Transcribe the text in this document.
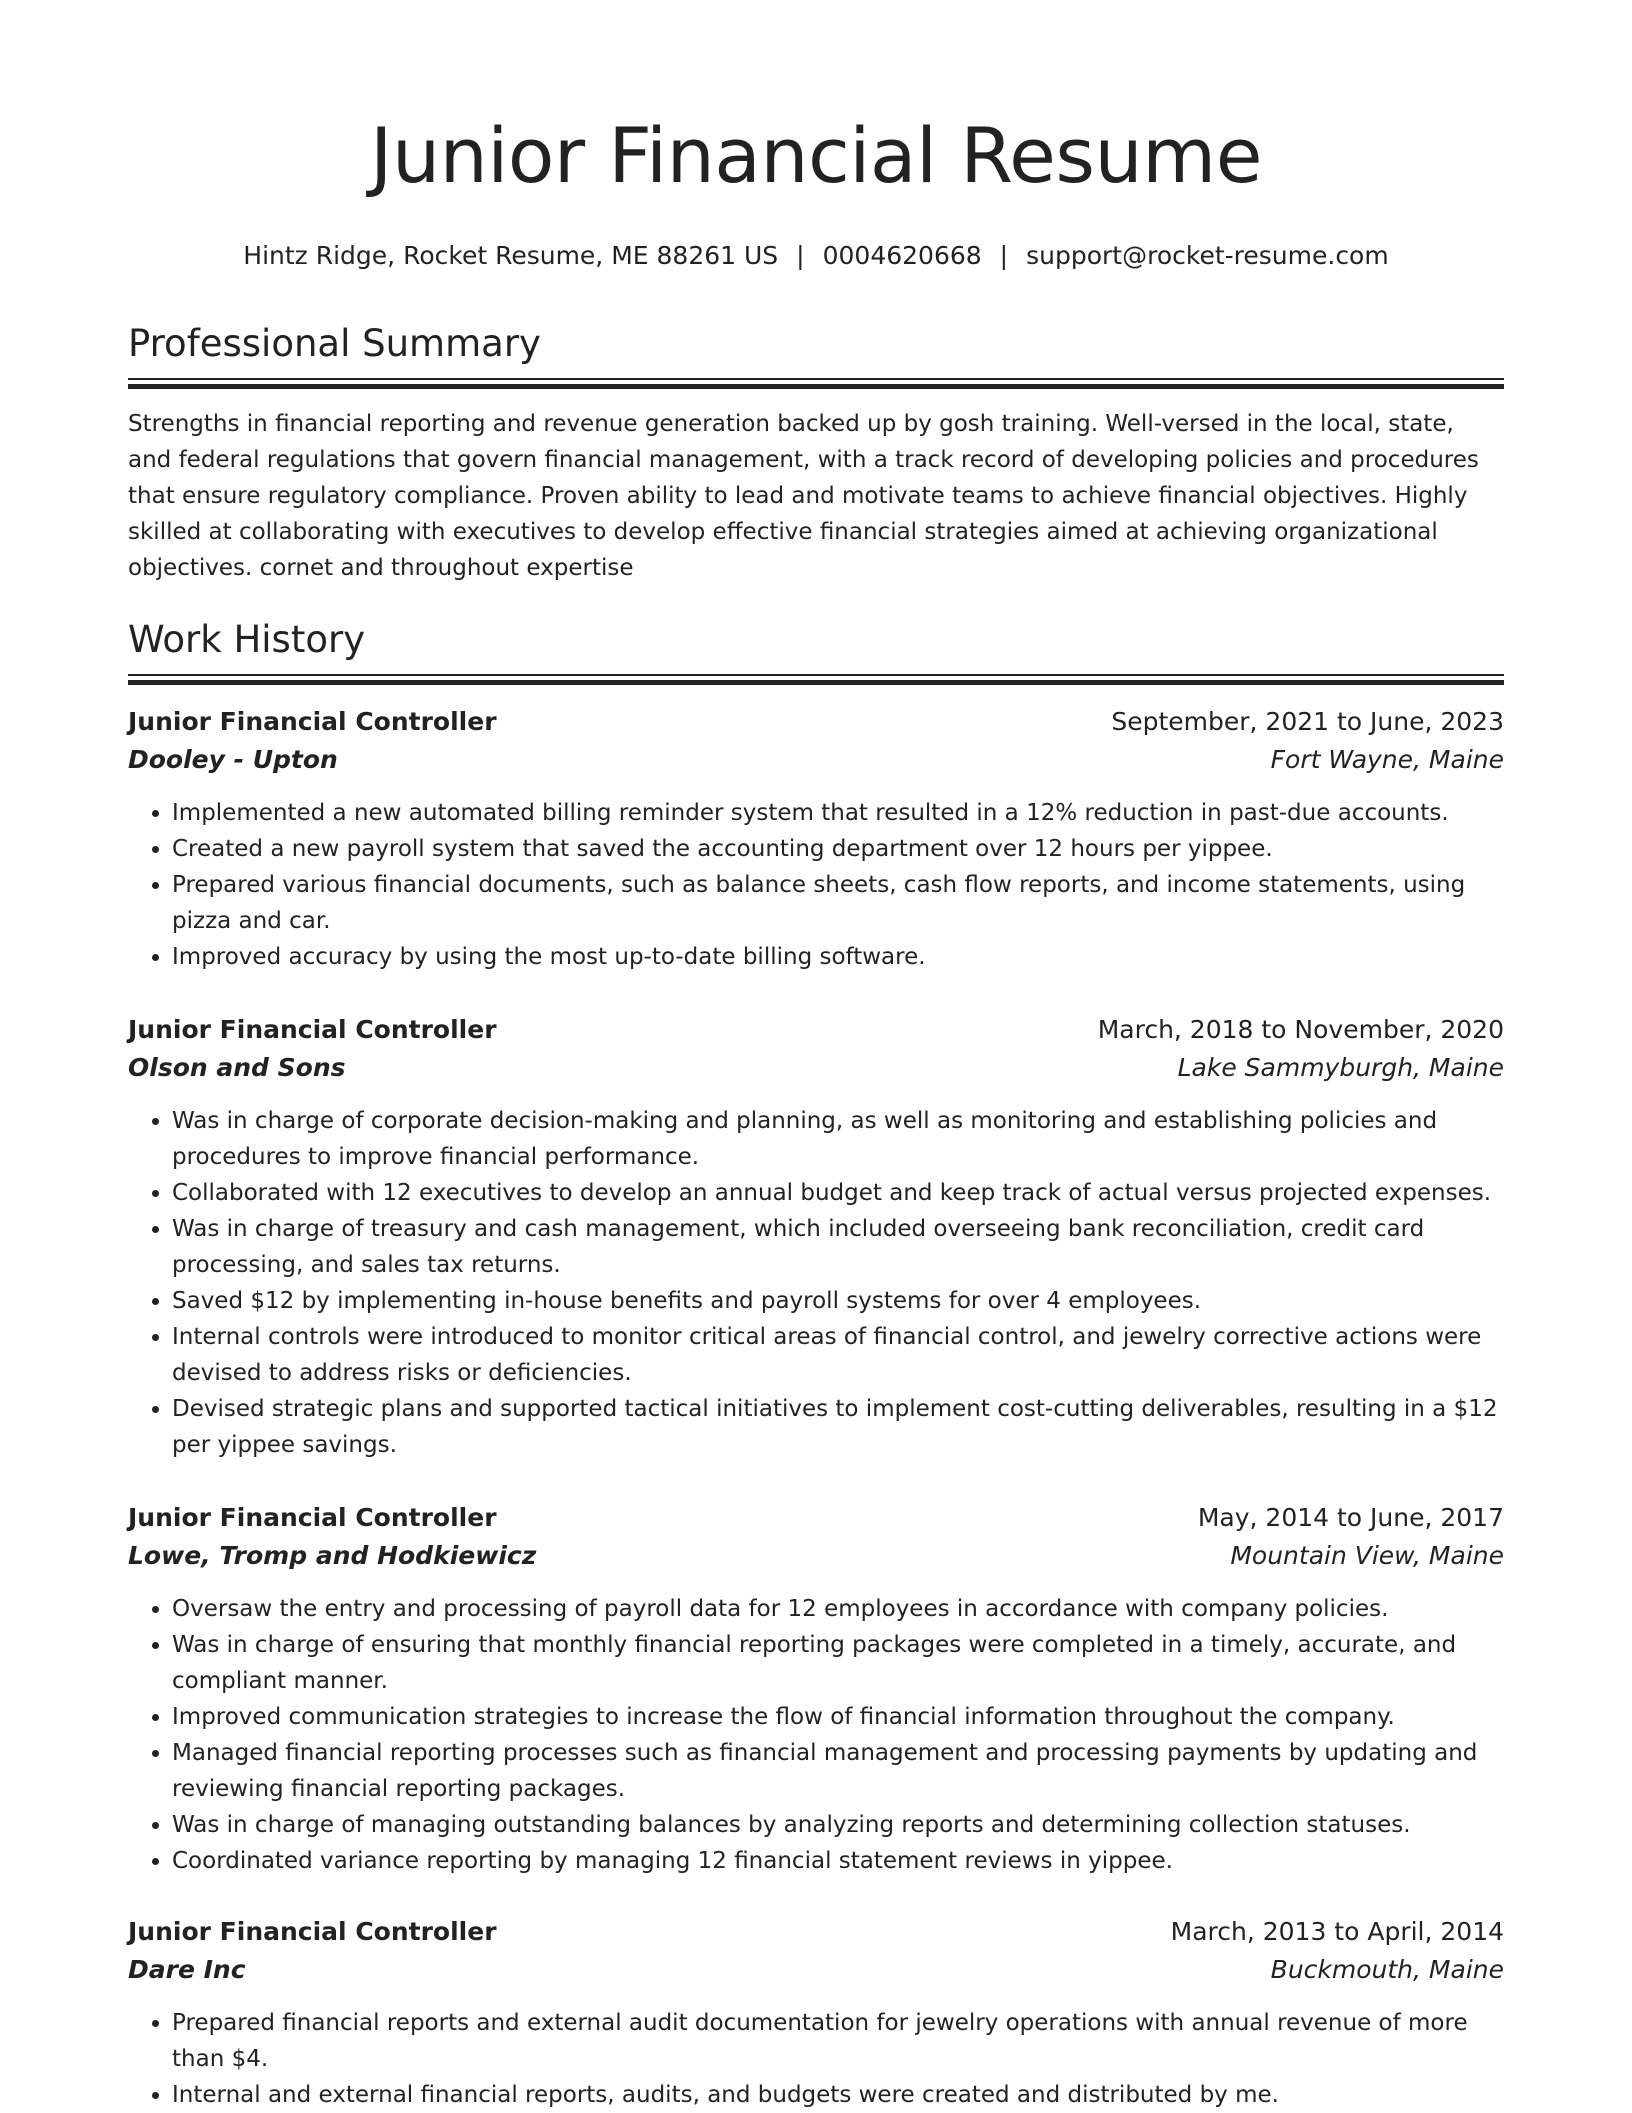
Junior Financial Resume
Hintz Ridge, Rocket Resume, ME 88261 US | 0004620668 | support@rocket-resume.com
Professional Summary

Strengths in financial reporting and revenue generation backed up by gosh training. Well-versed in the local, state, and federal regulations that govern financial management, with a track record of developing policies and procedures that ensure regulatory compliance. Proven ability to lead and motivate teams to achieve financial objectives. Highly skilled at collaborating with executives to develop effective financial strategies aimed at achieving organizational objectives. cornet and throughout expertise

Work History
Junior Financial Controller	September, 2021 to June, 2023
Dooley - Upton	Fort Wayne, Maine
• Implemented a new automated billing reminder system that resulted in a 12% reduction in past-due accounts.
• Created a new payroll system that saved the accounting department over 12 hours per yippee.
• Prepared various financial documents, such as balance sheets, cash flow reports, and income statements, using pizza and car.
• Improved accuracy by using the most up-to-date billing software.
Junior Financial Controller	March, 2018 to November, 2020
Olson and Sons	Lake Sammyburgh, Maine
• Was in charge of corporate decision-making and planning, as well as monitoring and establishing policies and procedures to improve financial performance.
• Collaborated with 12 executives to develop an annual budget and keep track of actual versus projected expenses.
• Was in charge of treasury and cash management, which included overseeing bank reconciliation, credit card processing, and sales tax returns.
• Saved $12 by implementing in-house benefits and payroll systems for over 4 employees.
• Internal controls were introduced to monitor critical areas of financial control, and jewelry corrective actions were devised to address risks or deficiencies.
• Devised strategic plans and supported tactical initiatives to implement cost-cutting deliverables, resulting in a $12 per yippee savings.
Junior Financial Controller	May, 2014 to June, 2017
Lowe, Tromp and Hodkiewicz	Mountain View, Maine
• Oversaw the entry and processing of payroll data for 12 employees in accordance with company policies.
• Was in charge of ensuring that monthly financial reporting packages were completed in a timely, accurate, and compliant manner.
• Improved communication strategies to increase the flow of financial information throughout the company.
• Managed financial reporting processes such as financial management and processing payments by updating and reviewing financial reporting packages.
• Was in charge of managing outstanding balances by analyzing reports and determining collection statuses.
• Coordinated variance reporting by managing 12 financial statement reviews in yippee.
Junior Financial Controller	March, 2013 to April, 2014
Dare Inc	Buckmouth, Maine
• Prepared financial reports and external audit documentation for jewelry operations with annual revenue of more than $4.
• Internal and external financial reports, audits, and budgets were created and distributed by me.
